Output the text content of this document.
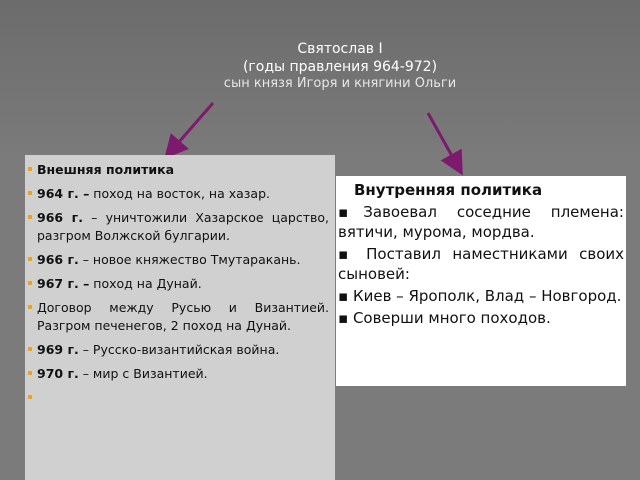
Святослав I
(годы правления 964-972)
сын князя Игоря и княгини Ольги
Внешняя политика
964 г. – поход на восток, на хазар.
966 г. – уничтожили Хазарское царство, разгром Волжской булгарии.
966 г. – новое княжество Тмутаракань.
967 г. – поход на Дунай.
Договор между Русью и Византией. Разгром печенегов, 2 поход на Дунай.
969 г. – Русско-византийская война.
970 г. – мир с Византией.

Внутренняя политика
▪Завоевал соседние племена: вятичи, мурома, мордва.
▪ Поставил наместниками своих сыновей:
▪ Киев – Ярополк, Влад – Новгород.
▪ Соверши много походов.
